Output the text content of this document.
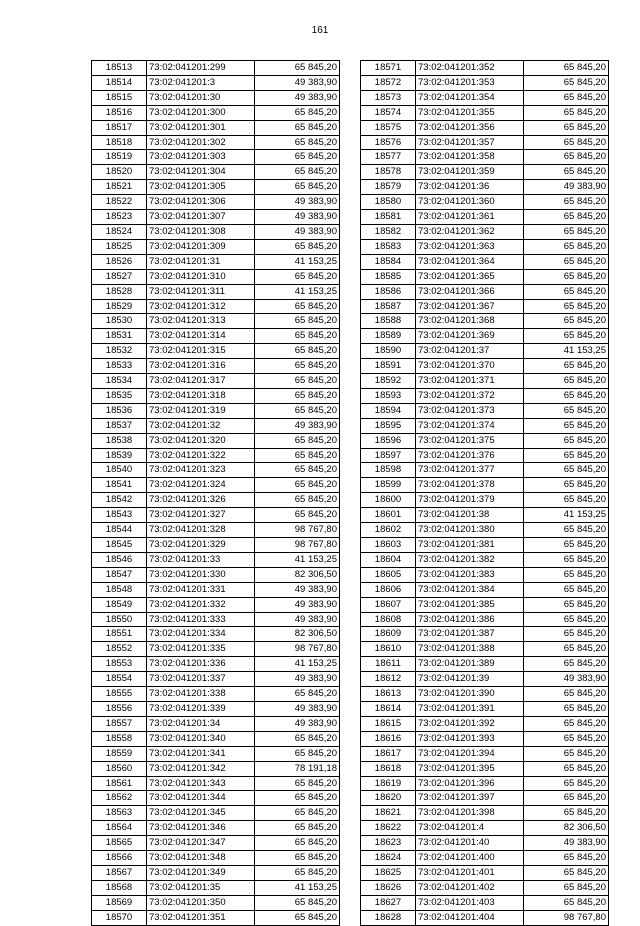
161
18513	73:02:041201:299	65 845,20
18514	73:02:041201:3	49 383,90
18515	73:02:041201:30	49 383,90
18516	73:02:041201:300	65 845,20
18517	73:02:041201:301	65 845,20
18518	73:02:041201:302	65 845,20
18519	73:02:041201:303	65 845,20
18520	73:02:041201:304	65 845,20
18521	73:02:041201:305	65 845,20
18522	73:02:041201:306	49 383,90
18523	73:02:041201:307	49 383,90
18524	73:02:041201:308	49 383,90
18525	73:02:041201:309	65 845,20
18526	73:02:041201:31	41 153,25
18527	73:02:041201:310	65 845,20
18528	73:02:041201:311	41 153,25
18529	73:02:041201:312	65 845,20
18530	73:02:041201:313	65 845,20
18531	73:02:041201:314	65 845,20
18532	73:02:041201:315	65 845,20
18533	73:02:041201:316	65 845,20
18534	73:02:041201:317	65 845,20
18535	73:02:041201:318	65 845,20
18536	73:02:041201:319	65 845,20
18537	73:02:041201:32	49 383,90
18538	73:02:041201:320	65 845,20
18539	73:02:041201:322	65 845,20
18540	73:02:041201:323	65 845,20
18541	73:02:041201:324	65 845,20
18542	73:02:041201:326	65 845,20
18543	73:02:041201:327	65 845,20
18544	73:02:041201:328	98 767,80
18545	73:02:041201:329	98 767,80
18546	73:02:041201:33	41 153,25
18547	73:02:041201:330	82 306,50
18548	73:02:041201:331	49 383,90
18549	73:02:041201:332	49 383,90
18550	73:02:041201:333	49 383,90
18551	73:02:041201:334	82 306,50
18552	73:02:041201:335	98 767,80
18553	73:02:041201:336	41 153,25
18554	73:02:041201:337	49 383,90
18555	73:02:041201:338	65 845,20
18556	73:02:041201:339	49 383,90
18557	73:02:041201:34	49 383,90
18558	73:02:041201:340	65 845,20
18559	73:02:041201:341	65 845,20
18560	73:02:041201:342	78 191,18
18561	73:02:041201:343	65 845,20
18562	73:02:041201:344	65 845,20
18563	73:02:041201:345	65 845,20
18564	73:02:041201:346	65 845,20
18565	73:02:041201:347	65 845,20
18566	73:02:041201:348	65 845,20
18567	73:02:041201:349	65 845,20
18568	73:02:041201:35	41 153,25
18569	73:02:041201:350	65 845,20
18570	73:02:041201:351	65 845,20
18571	73:02:041201:352	65 845,20
18572	73:02:041201:353	65 845,20
18573	73:02:041201:354	65 845,20
18574	73:02:041201:355	65 845,20
18575	73:02:041201:356	65 845,20
18576	73:02:041201:357	65 845,20
18577	73:02:041201:358	65 845,20
18578	73:02:041201:359	65 845,20
18579	73:02:041201:36	49 383,90
18580	73:02:041201:360	65 845,20
18581	73:02:041201:361	65 845,20
18582	73:02:041201:362	65 845,20
18583	73:02:041201:363	65 845,20
18584	73:02:041201:364	65 845,20
18585	73:02:041201:365	65 845,20
18586	73:02:041201:366	65 845,20
18587	73:02:041201:367	65 845,20
18588	73:02:041201:368	65 845,20
18589	73:02:041201:369	65 845,20
18590	73:02:041201:37	41 153,25
18591	73:02:041201:370	65 845,20
18592	73:02:041201:371	65 845,20
18593	73:02:041201:372	65 845,20
18594	73:02:041201:373	65 845,20
18595	73:02:041201:374	65 845,20
18596	73:02:041201:375	65 845,20
18597	73:02:041201:376	65 845,20
18598	73:02:041201:377	65 845,20
18599	73:02:041201:378	65 845,20
18600	73:02:041201:379	65 845,20
18601	73:02:041201:38	41 153,25
18602	73:02:041201:380	65 845,20
18603	73:02:041201:381	65 845,20
18604	73:02:041201:382	65 845,20
18605	73:02:041201:383	65 845,20
18606	73:02:041201:384	65 845,20
18607	73:02:041201:385	65 845,20
18608	73:02:041201:386	65 845,20
18609	73:02:041201:387	65 845,20
18610	73:02:041201:388	65 845,20
18611	73:02:041201:389	65 845,20
18612	73:02:041201:39	49 383,90
18613	73:02:041201:390	65 845,20
18614	73:02:041201:391	65 845,20
18615	73:02:041201:392	65 845,20
18616	73:02:041201:393	65 845,20
18617	73:02:041201:394	65 845,20
18618	73:02:041201:395	65 845,20
18619	73:02:041201:396	65 845,20
18620	73:02:041201:397	65 845,20
18621	73:02:041201:398	65 845,20
18622	73:02:041201:4	82 306,50
18623	73:02:041201:40	49 383,90
18624	73:02:041201:400	65 845,20
18625	73:02:041201:401	65 845,20
18626	73:02:041201:402	65 845,20
18627	73:02:041201:403	65 845,20
18628	73:02:041201:404	98 767,80
